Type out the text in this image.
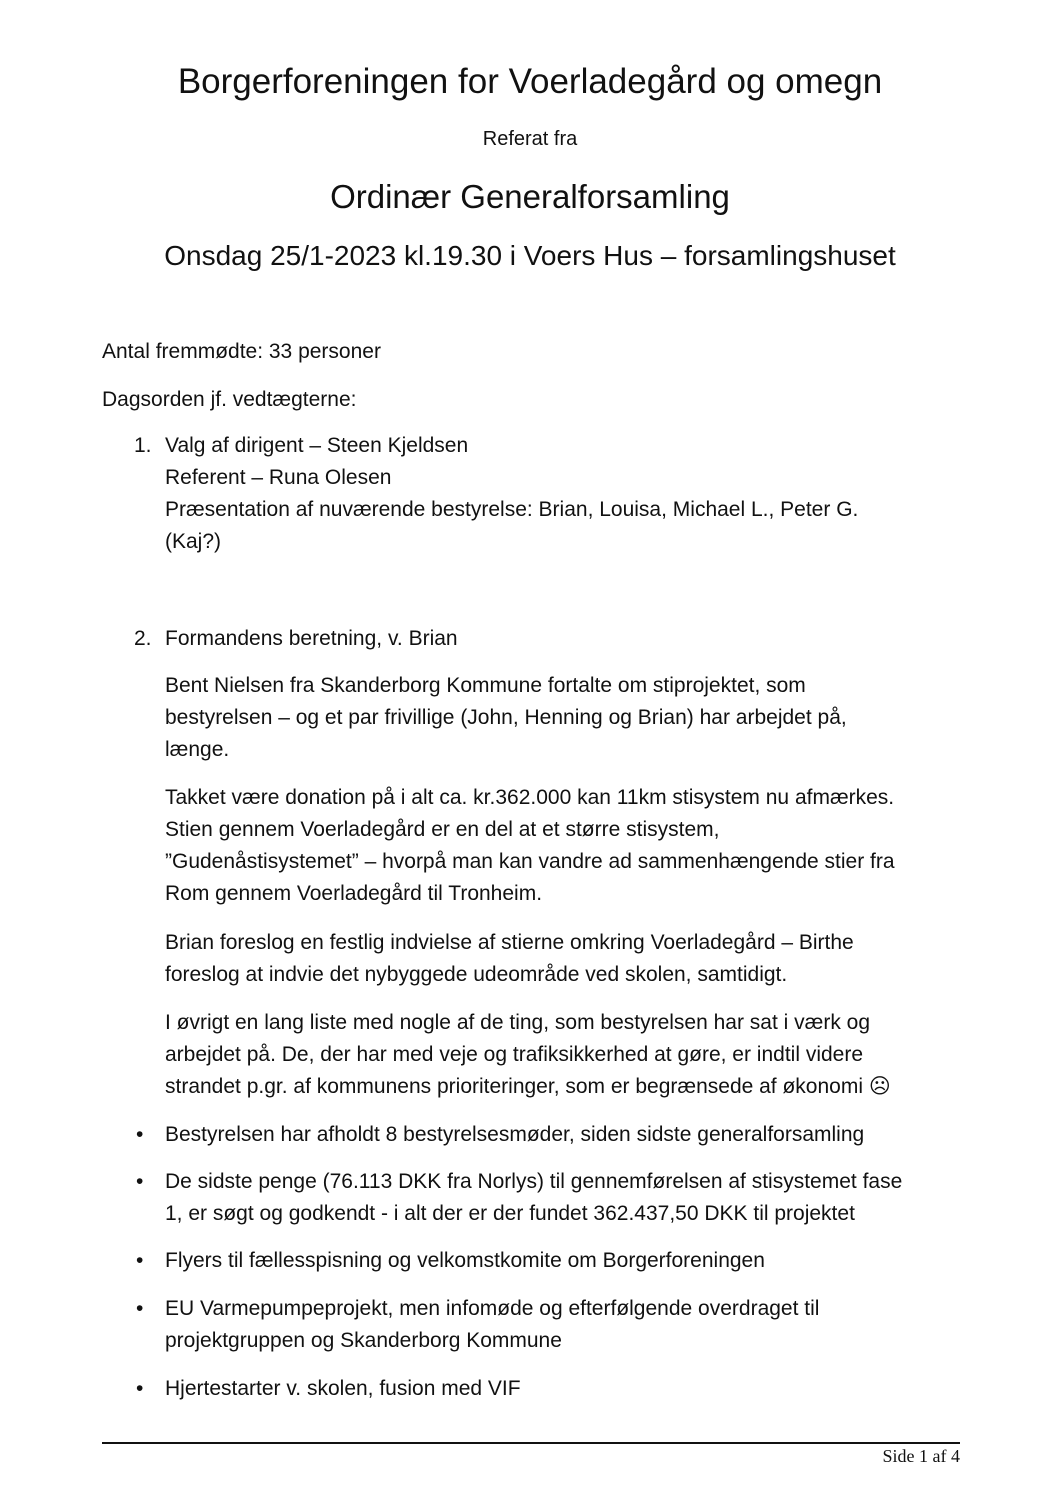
Borgerforeningen for Voerladegård og omegn
Referat fra
Ordinær Generalforsamling
Onsdag 25/1-2023 kl.19.30 i Voers Hus – forsamlingshuset
Antal fremmødte: 33 personer
Dagsorden jf. vedtægterne:
1. Valg af dirigent – Steen Kjeldsen
Referent – Runa Olesen
Præsentation af nuværende bestyrelse: Brian, Louisa, Michael L., Peter G.
(Kaj?)
2. Formandens beretning, v. Brian
Bent Nielsen fra Skanderborg Kommune fortalte om stiprojektet, som
bestyrelsen – og et par frivillige (John, Henning og Brian) har arbejdet på,
længe.
Takket være donation på i alt ca. kr.362.000 kan 11km stisystem nu afmærkes.
Stien gennem Voerladegård er en del at et større stisystem,
”Gudenåstisystemet” – hvorpå man kan vandre ad sammenhængende stier fra
Rom gennem Voerladegård til Tronheim.
Brian foreslog en festlig indvielse af stierne omkring Voerladegård – Birthe
foreslog at indvie det nybyggede udeområde ved skolen, samtidigt.
I øvrigt en lang liste med nogle af de ting, som bestyrelsen har sat i værk og
arbejdet på. De, der har med veje og trafiksikkerhed at gøre, er indtil videre
strandet p.gr. af kommunens prioriteringer, som er begrænsede af økonomi ☹
• Bestyrelsen har afholdt 8 bestyrelsesmøder, siden sidste generalforsamling
• De sidste penge (76.113 DKK fra Norlys) til gennemførelsen af stisystemet fase
1, er søgt og godkendt - i alt der er der fundet 362.437,50 DKK til projektet
• Flyers til fællesspisning og velkomstkomite om Borgerforeningen
• EU Varmepumpeprojekt, men infomøde og efterfølgende overdraget til
projektgruppen og Skanderborg Kommune
• Hjertestarter v. skolen, fusion med VIF
Side 1 af 4
